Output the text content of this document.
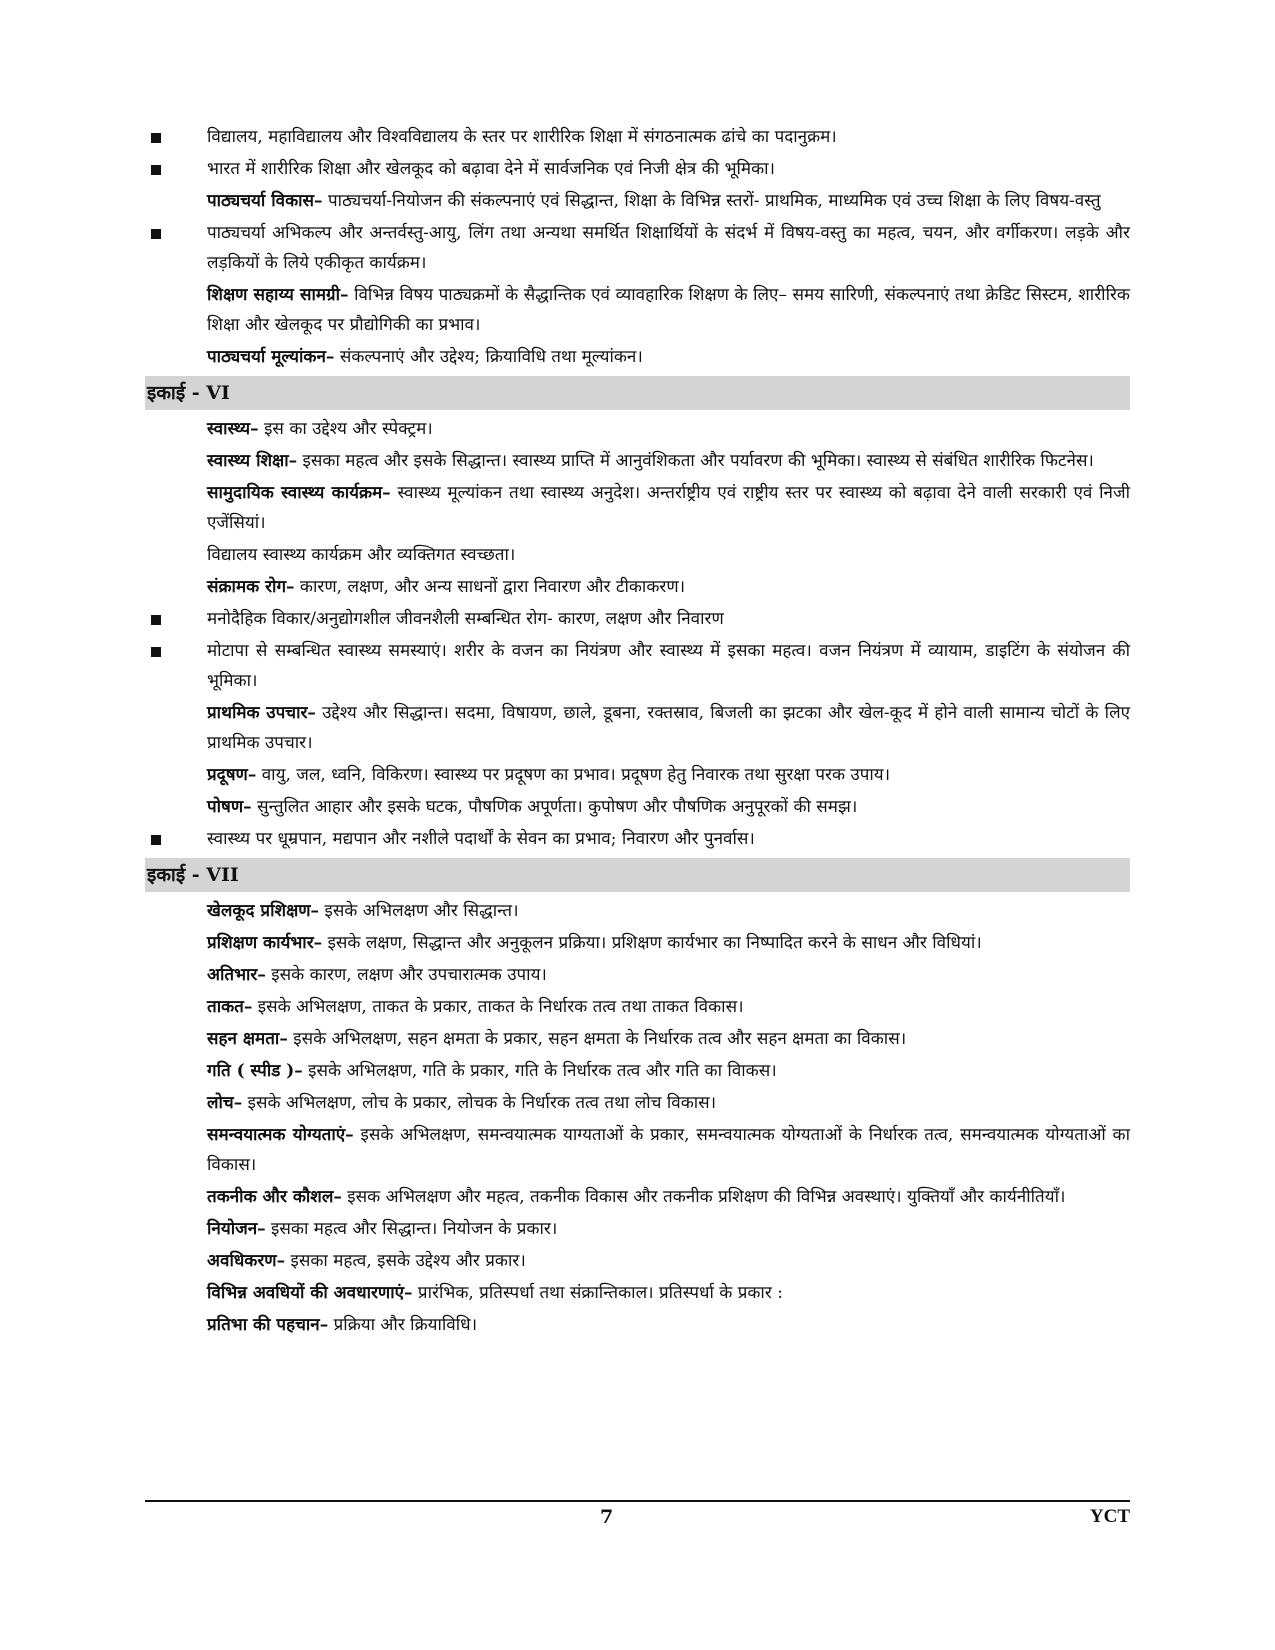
विद्यालय, महाविद्यालय और विश्वविद्यालय के स्तर पर शारीरिक शिक्षा में संगठनात्मक ढांचे का पदानुक्रम।
भारत में शारीरिक शिक्षा और खेलकूद को बढ़ावा देने में सार्वजनिक एवं निजी क्षेत्र की भूमिका।
पाठ्यचर्या विकास– पाठ्यचर्या-नियोजन की संकल्पनाएं एवं सिद्धान्त, शिक्षा के विभिन्न स्तरों- प्राथमिक, माध्यमिक एवं उच्च शिक्षा के लिए विषय-वस्तु
पाठ्यचर्या अभिकल्प और अन्तर्वस्तु-आयु, लिंग तथा अन्यथा समर्थित शिक्षार्थियों के संदर्भ में विषय-वस्तु का महत्व, चयन, और वर्गीकरण। लड़के और लड़कियों के लिये एकीकृत कार्यक्रम।
शिक्षण सहाय्य सामग्री– विभिन्न विषय पाठ्यक्रमों के सैद्धान्तिक एवं व्यावहारिक शिक्षण के लिए– समय सारिणी, संकल्पनाएं तथा क्रेडिट सिस्टम, शारीरिक शिक्षा और खेलकूद पर प्रौद्योगिकी का प्रभाव।
पाठ्यचर्या मूल्यांकन– संकल्पनाएं और उद्देश्य; क्रियाविधि तथा मूल्यांकन।
इकाई - VI
स्वास्थ्य– इस का उद्देश्य और स्पेक्ट्रम।
स्वास्थ्य शिक्षा– इसका महत्व और इसके सिद्धान्त। स्वास्थ्य प्राप्ति में आनुवंशिकता और पर्यावरण की भूमिका। स्वास्थ्य से संबंधित शारीरिक फिटनेस।
सामुदायिक स्वास्थ्य कार्यक्रम– स्वास्थ्य मूल्यांकन तथा स्वास्थ्य अनुदेश। अन्तर्राष्ट्रीय एवं राष्ट्रीय स्तर पर स्वास्थ्य को बढ़ावा देने वाली सरकारी एवं निजी एजेंसियां।
विद्यालय स्वास्थ्य कार्यक्रम और व्यक्तिगत स्वच्छता।
संक्रामक रोग– कारण, लक्षण, और अन्य साधनों द्वारा निवारण और टीकाकरण।
मनोदैहिक विकार/अनुद्योगशील जीवनशैली सम्बन्धित रोग- कारण, लक्षण और निवारण
मोटापा से सम्बन्धित स्वास्थ्य समस्याएं। शरीर के वजन का नियंत्रण और स्वास्थ्य में इसका महत्व। वजन नियंत्रण में व्यायाम, डाइटिंग के संयोजन की भूमिका।
प्राथमिक उपचार– उद्देश्य और सिद्धान्त। सदमा, विषायण, छाले, डूबना, रक्तस्राव, बिजली का झटका और खेल-कूद में होने वाली सामान्य चोटों के लिए प्राथमिक उपचार।
प्रदूषण– वायु, जल, ध्वनि, विकिरण। स्वास्थ्य पर प्रदूषण का प्रभाव। प्रदूषण हेतु निवारक तथा सुरक्षा परक उपाय।
पोषण– सुन्तुलित आहार और इसके घटक, पौषणिक अपूर्णता। कुपोषण और पौषणिक अनुपूरकों की समझ।
स्वास्थ्य पर धूम्रपान, मद्यपान और नशीले पदार्थों के सेवन का प्रभाव; निवारण और पुनर्वास।
इकाई - VII
खेलकूद प्रशिक्षण– इसके अभिलक्षण और सिद्धान्त।
प्रशिक्षण कार्यभार– इसके लक्षण, सिद्धान्त और अनुकूलन प्रक्रिया। प्रशिक्षण कार्यभार का निष्पादित करने के साधन और विधियां।
अतिभार– इसके कारण, लक्षण और उपचारात्मक उपाय।
ताकत– इसके अभिलक्षण, ताकत के प्रकार, ताकत के निर्धारक तत्व तथा ताकत विकास।
सहन क्षमता– इसके अभिलक्षण, सहन क्षमता के प्रकार, सहन क्षमता के निर्धारक तत्व और सहन क्षमता का विकास।
गति ( स्पीड )– इसके अभिलक्षण, गति के प्रकार, गति के निर्धारक तत्व और गति का विाकस।
लोच– इसके अभिलक्षण, लोच के प्रकार, लोचक के निर्धारक तत्व तथा लोच विकास।
समन्वयात्मक योग्यताएं– इसके अभिलक्षण, समन्वयात्मक याग्यताओं के प्रकार, समन्वयात्मक योग्यताओं के निर्धारक तत्व, समन्वयात्मक योग्यताओं का विकास।
तकनीक और कौशल– इसक अभिलक्षण और महत्व, तकनीक विकास और तकनीक प्रशिक्षण की विभिन्न अवस्थाएं। युक्तियाँ और कार्यनीतियाँ।
नियोजन– इसका महत्व और सिद्धान्त। नियोजन के प्रकार।
अवधिकरण– इसका महत्व, इसके उद्देश्य और प्रकार।
विभिन्न अवधियों की अवधारणाएं– प्रारंभिक, प्रतिस्पर्धा तथा संक्रान्तिकाल। प्रतिस्पर्धा के प्रकार :
प्रतिभा की पहचान– प्रक्रिया और क्रियाविधि।
7	YCT
